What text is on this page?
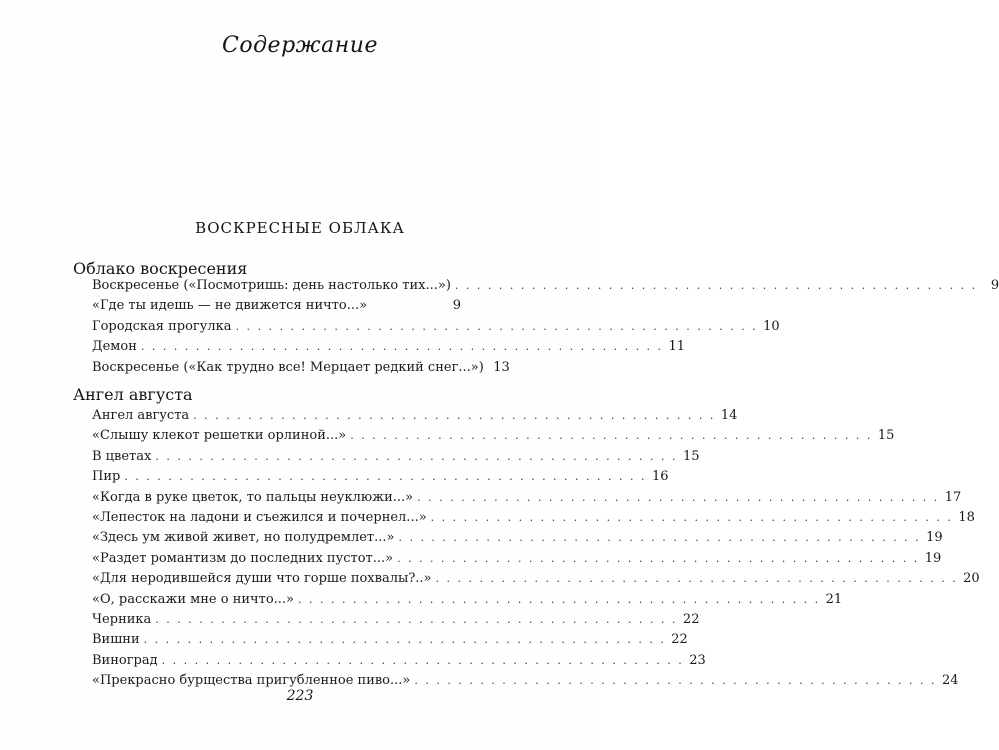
Содержание
ВОСКРЕСНЫЕ ОБЛАКА
Облако воскресения
Воскресенье («Посмотришь: день настолько тих...») . . . . . . . . . . . . . . . . . . . . . . . . . . . . . . . . . . . . . . . . . . . . . . . .	9
«Где ты идешь — не движется ничто...»	9
Городская прогулка . . . . . . . . . . . . . . . . . . . . . . . . . . . . . . . . . . . . . . . . . . . . . . . . 10
Демон . . . . . . . . . . . . . . . . . . . . . . . . . . . . . . . . . . . . . . . . . . . . . . . . 11
Воскресенье («Как трудно все! Мерцает редкий снег...») 13
Ангел августа
Ангел августа . . . . . . . . . . . . . . . . . . . . . . . . . . . . . . . . . . . . . . . . . . . . . . . . 14
«Слышу клекот решетки орлиной...» . . . . . . . . . . . . . . . . . . . . . . . . . . . . . . . . . . . . . . . . . . . . . . . . 15
В цветах . . . . . . . . . . . . . . . . . . . . . . . . . . . . . . . . . . . . . . . . . . . . . . . . 15
Пир . . . . . . . . . . . . . . . . . . . . . . . . . . . . . . . . . . . . . . . . . . . . . . . . 16
«Когда в руке цветок, то пальцы неуклюжи...» . . . . . . . . . . . . . . . . . . . . . . . . . . . . . . . . . . . . . . . . . . . . . . . . 17
«Лепесток на ладони и съежился и почернел...» . . . . . . . . . . . . . . . . . . . . . . . . . . . . . . . . . . . . . . . . . . . . . . . . 18
«Здесь ум живой живет, но полудремлет...» . . . . . . . . . . . . . . . . . . . . . . . . . . . . . . . . . . . . . . . . . . . . . . . . 19
«Раздет романтизм до последних пустот...» . . . . . . . . . . . . . . . . . . . . . . . . . . . . . . . . . . . . . . . . . . . . . . . . 19
«Для неродившейся души что горше похвалы?..» . . . . . . . . . . . . . . . . . . . . . . . . . . . . . . . . . . . . . . . . . . . . . . . . 20
«О, расскажи мне о ничто...» . . . . . . . . . . . . . . . . . . . . . . . . . . . . . . . . . . . . . . . . . . . . . . . . 21
Черника . . . . . . . . . . . . . . . . . . . . . . . . . . . . . . . . . . . . . . . . . . . . . . . . 22
Вишни . . . . . . . . . . . . . . . . . . . . . . . . . . . . . . . . . . . . . . . . . . . . . . . . 22
Виноград . . . . . . . . . . . . . . . . . . . . . . . . . . . . . . . . . . . . . . . . . . . . . . . . 23
«Прекрасно бурщества пригубленное пиво...» . . . . . . . . . . . . . . . . . . . . . . . . . . . . . . . . . . . . . . . . . . . . . . . . 24
223
